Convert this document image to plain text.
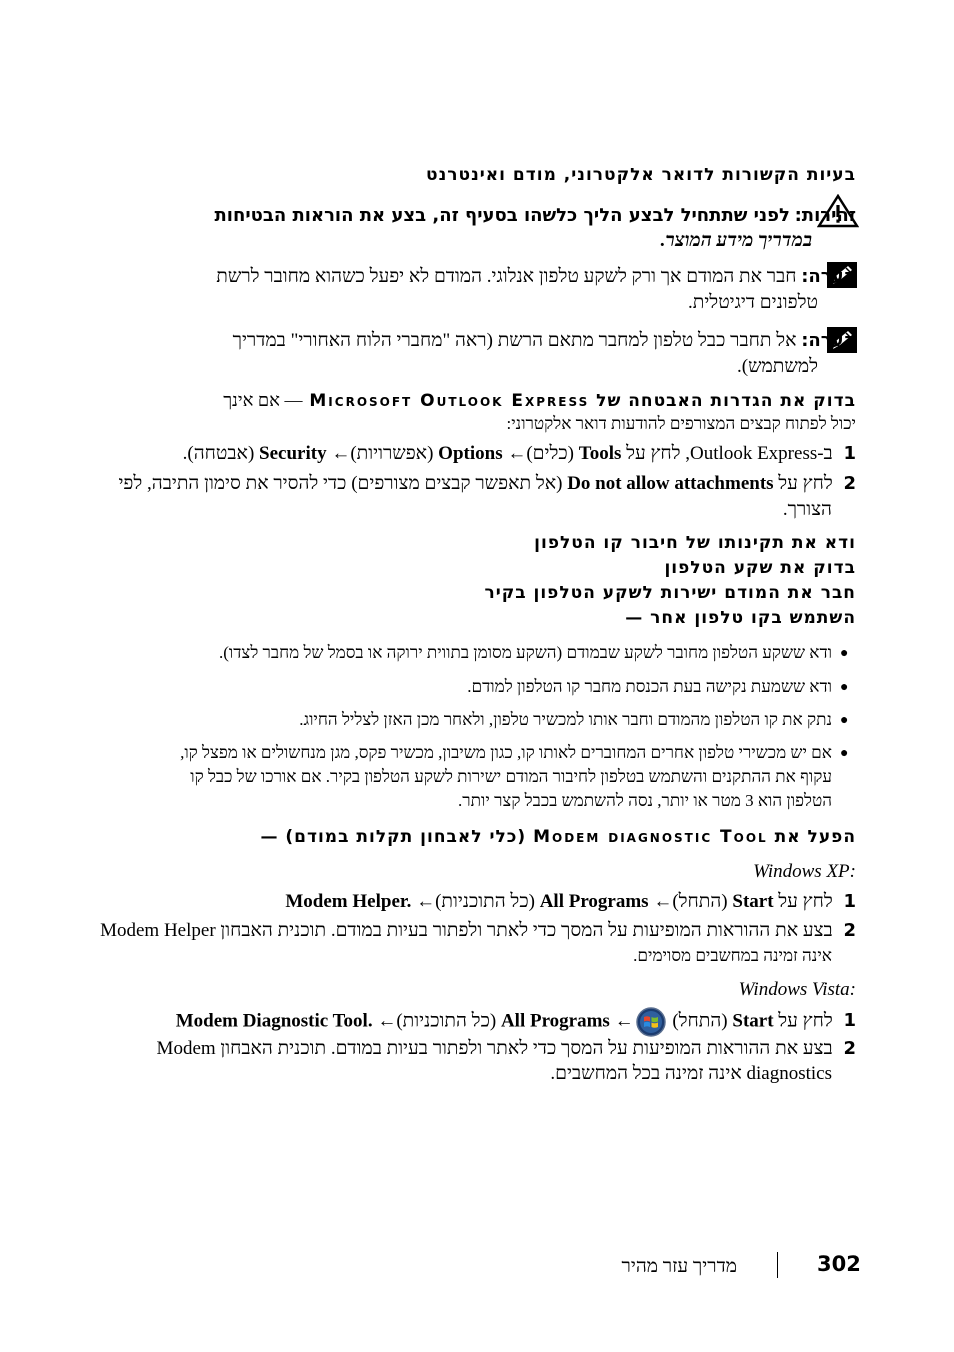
בעיות הקשורות לדואר אלקטרוני, מודם ואינטרנט
זהירות: לפני שתתחיל לבצע הליך כלשהו בסעיף זה, בצע את הוראות הבטיחות
במדריך מידע המוצר.
הערה: חבר את המודם אך ורק לשקע טלפון אנלוגי. המודם לא יפעל כשהוא מחובר לרשת
טלפונים דיגיטלית.
הערה: אל תחבר כבל טלפון למחבר מתאם הרשת (ראה "מחברי הלוח האחורי" במדריך
למשתמש).
בדוק את הגדרות האבטחה של Microsoft Outlook Express — אם אינך
יכול לפתוח קבצים המצורפים להודעות דואר אלקטרוני:
1 ב-Outlook Express, לחץ על Tools (כלים)← Options (אפשרויות)← Security (אבטחה).
2 לחץ על Do not allow attachments (אל תאפשר קבצים מצורפים) כדי להסיר את סימון התיבה, לפי
הצורך.
ודא את תקינותו של חיבור קו הטלפון
בדוק את שקע הטלפון
חבר את המודם ישירות לשקע הטלפון בקיר
השתמש בקו טלפון אחר —
●
ודא ששקע הטלפון מחובר לשקע שבמודם (השקע מסומן בתווית ירוקה או בסמל של מחבר לצדו).
●
ודא ששמעת נקישה בעת הכנסת מחבר קו הטלפון למודם.
●
נתק את קו הטלפון מהמודם וחבר אותו למכשיר טלפון, ולאחר מכן האזן לצליל החיוג.
●
אם יש מכשירי טלפון אחרים המחוברים לאותו קו, כגון משיבון, מכשיר פקס, מגן מנחשולים או מפצל קו,
עקוף את ההתקנים והשתמש בטלפון לחיבור המודם ישירות לשקע הטלפון בקיר. אם אורכו של כבל קו
הטלפון הוא 3 מטר או יותר, נסה להשתמש בכבל קצר יותר.
הפעל את Modem diagnostic Tool (כלי לאבחון תקלות במודם) —
Windows XP:
1 לחץ על Start (התחל)← All Programs (כל התוכניות)← Modem Helper.
2 בצע את ההוראות המופיעות על המסך כדי לאתר ולפתור בעיות במודם. תוכנית האבחון Modem Helper
אינה זמינה במחשבים מסוימים.
Windows Vista:
1 לחץ על Start (התחל) ← All Programs (כל התוכניות)← Modem Diagnostic Tool.
2 בצע את ההוראות המופיעות על המסך כדי לאתר ולפתור בעיות במודם. תוכנית האבחון Modem
diagnostics אינה זמינה בכל המחשבים.
302
מדריך עזר מהיר
